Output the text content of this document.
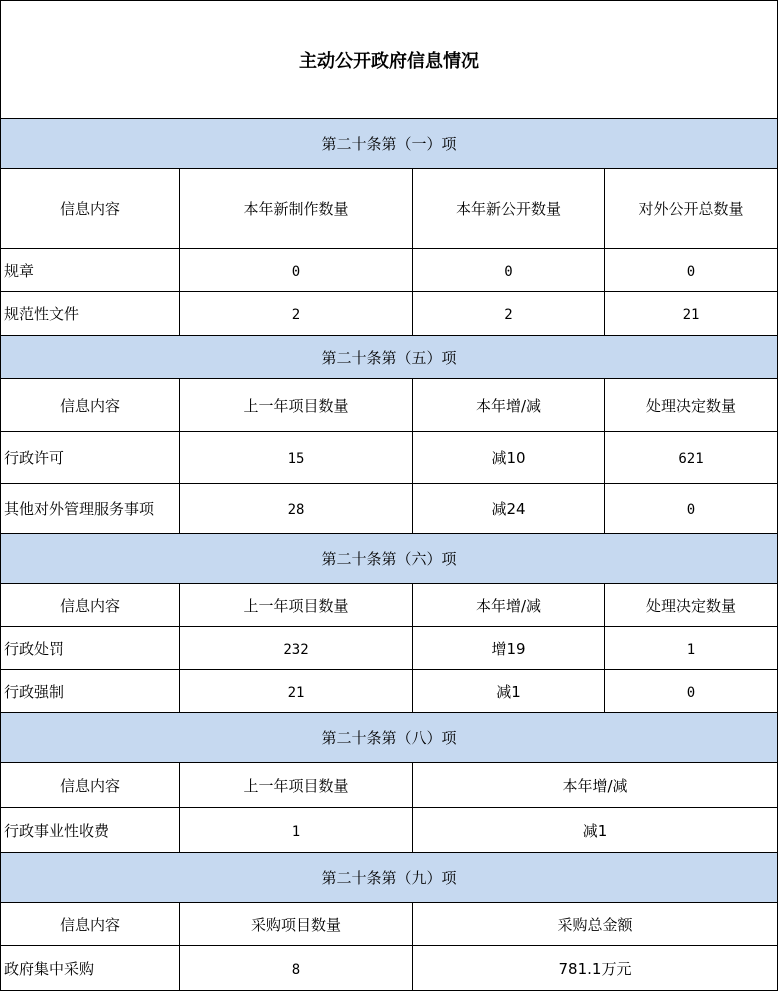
主动公开政府信息情况			
第二十条第（一）项			
信息内容	本年新制作数量	本年新公开数量	对外公开总数量
规章	0	0	0
规范性文件	2	2	21
第二十条第（五）项			
信息内容	上一年项目数量	本年增/减	处理决定数量
行政许可	15	减10	621
其他对外管理服务事项	28	减24	0
第二十条第（六）项			
信息内容	上一年项目数量	本年增/减	处理决定数量
行政处罚	232	增19	1
行政强制	21	减1	0
第二十条第（八）项			
信息内容	上一年项目数量	本年增/减	
行政事业性收费	1	减1	
第二十条第（九）项			
信息内容	采购项目数量	采购总金额	
政府集中采购	8	781.1万元	
